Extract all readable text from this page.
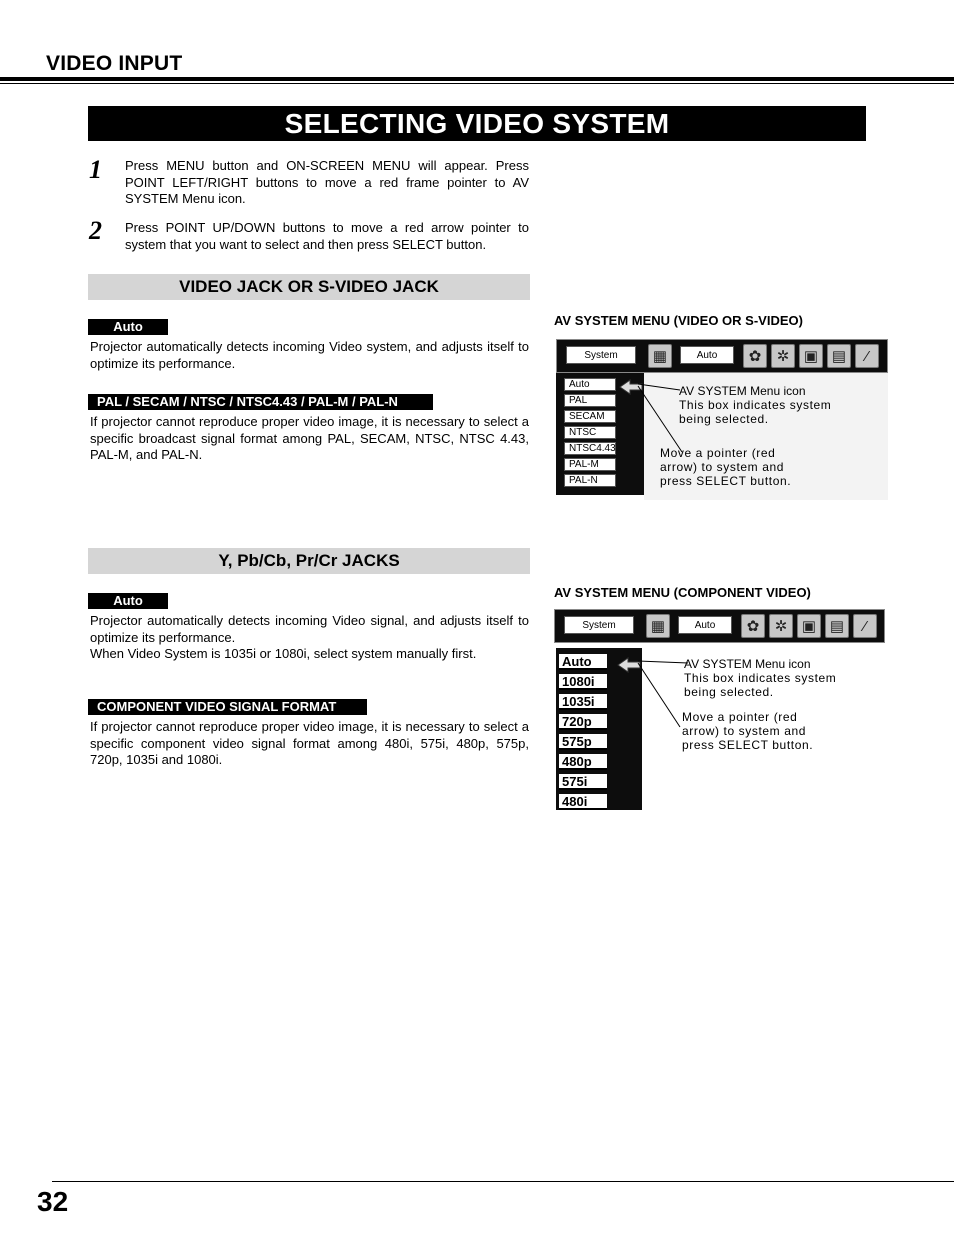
VIDEO INPUT
SELECTING VIDEO SYSTEM
1 Press MENU button and ON-SCREEN MENU will appear. Press POINT LEFT/RIGHT buttons to move a red frame pointer to AV SYSTEM Menu icon.
2 Press POINT UP/DOWN buttons to move a red arrow pointer to system that you want to select and then press SELECT button.
VIDEO JACK OR S-VIDEO JACK
Auto
Projector automatically detects incoming Video system, and adjusts itself to optimize its performance.
PAL / SECAM / NTSC / NTSC4.43 / PAL-M / PAL-N
If projector cannot reproduce proper video image, it is necessary to select a specific broadcast signal format among PAL, SECAM, NTSC, NTSC 4.43, PAL-M, and PAL-N.
AV SYSTEM MENU (VIDEO OR S-VIDEO)
System	▦	Auto	✿	✲ ▣ ▤	⁄
Auto
PAL
SECAM
NTSC
NTSC4.43
PAL-M
PAL-N
AV SYSTEM Menu icon
This box indicates system being selected.
Move a pointer (red arrow) to system and press SELECT button.
Y, Pb/Cb, Pr/Cr JACKS
Auto
Projector automatically detects incoming Video signal, and adjusts itself to optimize its performance.
When Video System is 1035i or 1080i, select system manually first.
COMPONENT VIDEO SIGNAL FORMAT
If projector cannot reproduce proper video image, it is necessary to select a specific component video signal format among 480i, 575i, 480p, 575p, 720p, 1035i and 1080i.
AV SYSTEM MENU (COMPONENT VIDEO)
System	▦	Auto	✿	✲ ▣ ▤	⁄
Auto
1080i
1035i
720p
575p
480p
575i
480i
AV SYSTEM Menu icon
This box indicates system being selected.
Move a pointer (red arrow) to system and press SELECT button.
32
